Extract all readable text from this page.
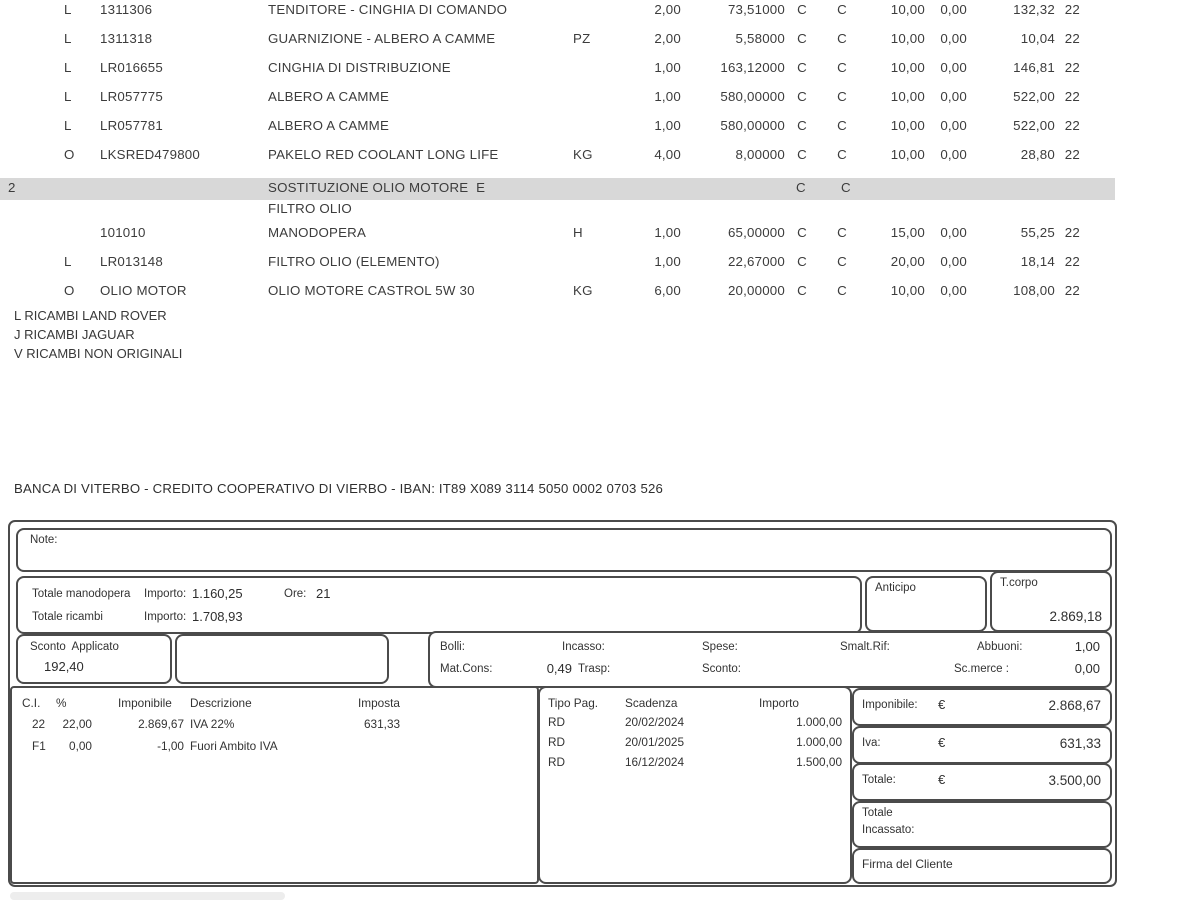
L	1311306	TENDITORE - CINGHIA DI COMANDO	2,00	73,51000 C	C	10,00	0,00	132,32 22
L	1311318	GUARNIZIONE - ALBERO A CAMME	PZ	2,00	5,58000 C	C	10,00	0,00	10,04 22
L	LR016655	CINGHIA DI DISTRIBUZIONE	1,00	163,12000 C	C	10,00	0,00	146,81 22
L	LR057775	ALBERO A CAMME	1,00	580,00000 C	C	10,00	0,00	522,00 22
L	LR057781	ALBERO A CAMME	1,00	580,00000 C	C	10,00	0,00	522,00 22
O	LKSRED479800	PAKELO RED COOLANT LONG LIFE	KG	4,00	8,00000 C	C	10,00	0,00	28,80 22
2	SOSTITUZIONE OLIO MOTORE  E	C	C
FILTRO OLIO
101010	MANODOPERA	H	1,00	65,00000 C	C	15,00	0,00	55,25 22
L	LR013148	FILTRO OLIO (ELEMENTO)	1,00	22,67000 C	C	20,00	0,00	18,14 22
O	OLIO MOTOR	OLIO MOTORE CASTROL 5W 30	KG	6,00	20,00000 C	C	10,00	0,00	108,00 22
L RICAMBI LAND ROVER
J RICAMBI JAGUAR
V RICAMBI NON ORIGINALI
BANCA DI VITERBO - CREDITO COOPERATIVO DI VIERBO - IBAN: IT89 X089 3114 5050 0002 0703 526
Note:
Totale manodopera Importo: 1.160,25	Ore: 21
Totale ricambi	Importo: 1.708,93
Anticipo	T.corpo
2.869,18
Sconto  Applicato
192,40
Bolli:	Incasso:	Spese:	Smalt.Rif:	Abbuoni:	1,00
Mat.Cons:	0,49 Trasp:	Sconto:	Sc.merce :	0,00
C.I. %	Imponibile Descrizione	Imposta
22	22,00	2.869,67 IVA 22%	631,33
F1	0,00	-1,00 Fuori Ambito IVA
Tipo Pag. Scadenza	Importo
RD	20/02/2024	1.000,00
RD	20/01/2025	1.000,00
RD	16/12/2024	1.500,00
Imponibile: €	2.868,67
Iva:	€	631,33
Totale:	€	3.500,00
Totale
Incassato:
Firma del Cliente
